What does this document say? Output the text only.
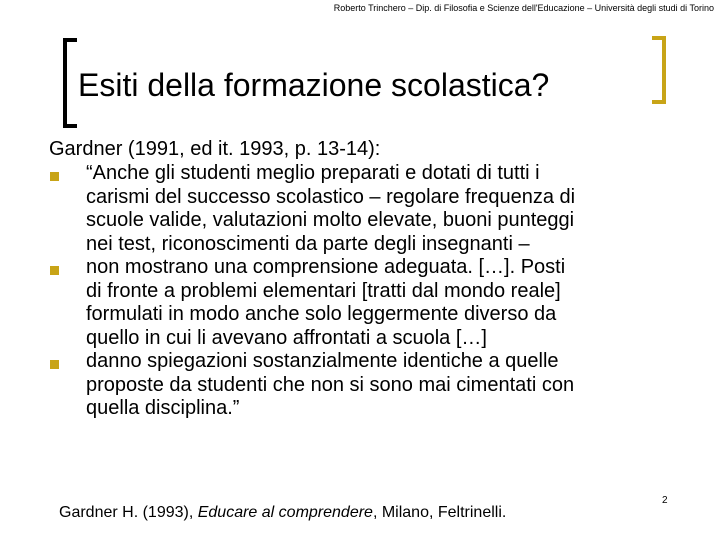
Roberto Trinchero – Dip. di Filosofia e Scienze dell'Educazione – Università degli studi di Torino
Esiti della formazione scolastica?
Gardner (1991, ed it. 1993, p. 13-14):
“Anche gli studenti meglio preparati e dotati di tutti i
carismi del successo scolastico – regolare frequenza di
scuole valide, valutazioni molto elevate, buoni punteggi
nei test, riconoscimenti da parte degli insegnanti –
non mostrano una comprensione adeguata. […]. Posti
di fronte a problemi elementari [tratti dal mondo reale]
formulati in modo anche solo leggermente diverso da
quello in cui li avevano affrontati a scuola […]
danno spiegazioni sostanzialmente identiche a quelle
proposte da studenti che non si sono mai cimentati con
quella disciplina.”
Gardner H. (1993), Educare al comprendere, Milano, Feltrinelli.
2
